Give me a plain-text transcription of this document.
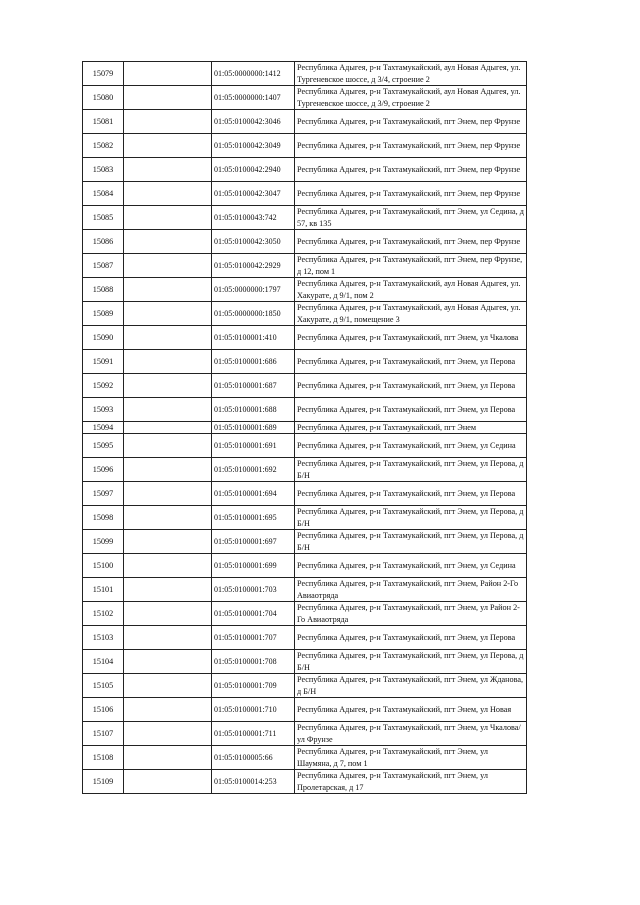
15079		01:05:0000000:1412	Республика Адыгея, р-н Тахтамукайский, аул Новая Адыгея, ул. Тургеневское шоссе, д 3/4, строение 2
15080		01:05:0000000:1407	Республика Адыгея, р-н Тахтамукайский, аул Новая Адыгея, ул. Тургеневское шоссе, д 3/9, строение 2
15081		01:05:0100042:3046	Республика Адыгея, р-н Тахтамукайский, пгт Энем, пер Фрунзе
15082		01:05:0100042:3049	Республика Адыгея, р-н Тахтамукайский, пгт Энем, пер Фрунзе
15083		01:05:0100042:2940	Республика Адыгея, р-н Тахтамукайский, пгт Энем, пер Фрунзе
15084		01:05:0100042:3047	Республика Адыгея, р-н Тахтамукайский, пгт Энем, пер Фрунзе
15085		01:05:0100043:742	Республика Адыгея, р-н Тахтамукайский, пгт Энем, ул Седина, д 57, кв 135
15086		01:05:0100042:3050	Республика Адыгея, р-н Тахтамукайский, пгт Энем, пер Фрунзе
15087		01:05:0100042:2929	Республика Адыгея, р-н Тахтамукайский, пгт Энем, пер Фрунзе, д 12, пом 1
15088		01:05:0000000:1797	Республика Адыгея, р-н Тахтамукайский, аул Новая Адыгея, ул. Хакурате, д 9/1, пом 2
15089		01:05:0000000:1850	Республика Адыгея, р-н Тахтамукайский, аул Новая Адыгея, ул. Хакурате, д 9/1, помещение 3
15090		01:05:0100001:410	Республика Адыгея, р-н Тахтамукайский, пгт Энем, ул Чкалова
15091		01:05:0100001:686	Республика Адыгея, р-н Тахтамукайский, пгт Энем, ул Перова
15092		01:05:0100001:687	Республика Адыгея, р-н Тахтамукайский, пгт Энем, ул Перова
15093		01:05:0100001:688	Республика Адыгея, р-н Тахтамукайский, пгт Энем, ул Перова
15094		01:05:0100001:689	Республика Адыгея, р-н Тахтамукайский, пгт Энем
15095		01:05:0100001:691	Республика Адыгея, р-н Тахтамукайский, пгт Энем, ул Седина
15096		01:05:0100001:692	Республика Адыгея, р-н Тахтамукайский, пгт Энем, ул Перова, д Б/Н
15097		01:05:0100001:694	Республика Адыгея, р-н Тахтамукайский, пгт Энем, ул Перова
15098		01:05:0100001:695	Республика Адыгея, р-н Тахтамукайский, пгт Энем, ул Перова, д Б/Н
15099		01:05:0100001:697	Республика Адыгея, р-н Тахтамукайский, пгт Энем, ул Перова, д Б/Н
15100		01:05:0100001:699	Республика Адыгея, р-н Тахтамукайский, пгт Энем, ул Седина
15101		01:05:0100001:703	Республика Адыгея, р-н Тахтамукайский, пгт Энем, Район 2-Го Авиаотряда
15102		01:05:0100001:704	Республика Адыгея, р-н Тахтамукайский, пгт Энем, ул Район 2-Го Авиаотряда
15103		01:05:0100001:707	Республика Адыгея, р-н Тахтамукайский, пгт Энем, ул Перова
15104		01:05:0100001:708	Республика Адыгея, р-н Тахтамукайский, пгт Энем, ул Перова, д Б/Н
15105		01:05:0100001:709	Республика Адыгея, р-н Тахтамукайский, пгт Энем, ул Жданова, д Б/Н
15106		01:05:0100001:710	Республика Адыгея, р-н Тахтамукайский, пгт Энем, ул Новая
15107		01:05:0100001:711	Республика Адыгея, р-н Тахтамукайский, пгт Энем, ул Чкалова/ул Фрунзе
15108		01:05:0100005:66	Республика Адыгея, р-н Тахтамукайский, пгт Энем, ул Шаумяна, д 7, пом 1
15109		01:05:0100014:253	Республика Адыгея, р-н Тахтамукайский, пгт Энем, ул Пролетарская, д 17
